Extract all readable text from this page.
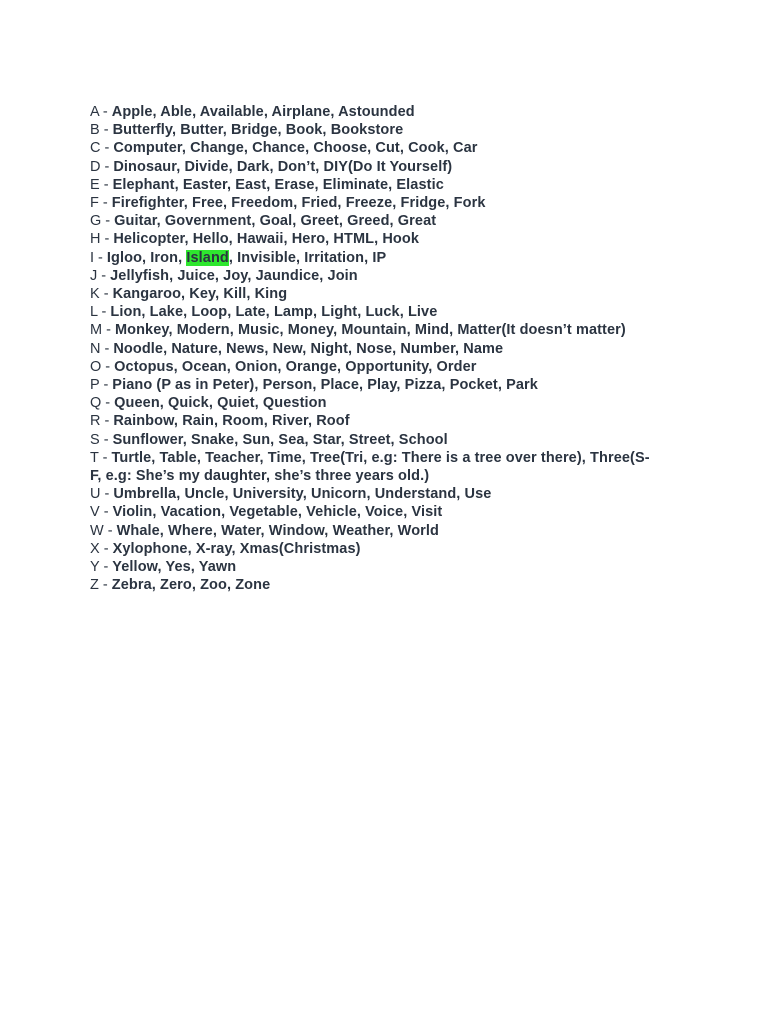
A - Apple, Able, Available, Airplane, Astounded

B - Butterfly, Butter, Bridge, Book, Bookstore

C - Computer, Change, Chance, Choose, Cut, Cook, Car

D - Dinosaur, Divide, Dark, Don’t, DIY(Do It Yourself)

E - Elephant, Easter, East, Erase, Eliminate, Elastic

F - Firefighter, Free, Freedom, Fried, Freeze, Fridge, Fork

G - Guitar, Government, Goal, Greet, Greed, Great

H - Helicopter, Hello, Hawaii, Hero, HTML, Hook

I - Igloo, Iron, Island, Invisible, Irritation, IP

J - Jellyfish, Juice, Joy, Jaundice, Join

K - Kangaroo, Key, Kill, King

L - Lion, Lake, Loop, Late, Lamp, Light, Luck, Live

M - Monkey, Modern, Music, Money, Mountain, Mind, Matter(It doesn’t matter)

N - Noodle, Nature, News, New, Night, Nose, Number, Name

O - Octopus, Ocean, Onion, Orange, Opportunity, Order

P - Piano (P as in Peter), Person, Place, Play, Pizza, Pocket, Park

Q - Queen, Quick, Quiet, Question

R - Rainbow, Rain, Room, River, Roof

S - Sunflower, Snake, Sun, Sea, Star, Street, School

T - Turtle, Table, Teacher, Time, Tree(Tri, e.g: There is a tree over there), Three(S-F, e.g: She’s my daughter, she’s three years old.)

U - Umbrella, Uncle, University, Unicorn, Understand, Use

V - Violin, Vacation, Vegetable, Vehicle, Voice, Visit

W - Whale, Where, Water, Window, Weather, World

X - Xylophone, X-ray, Xmas(Christmas)

Y - Yellow, Yes, Yawn

Z - Zebra, Zero, Zoo, Zone
